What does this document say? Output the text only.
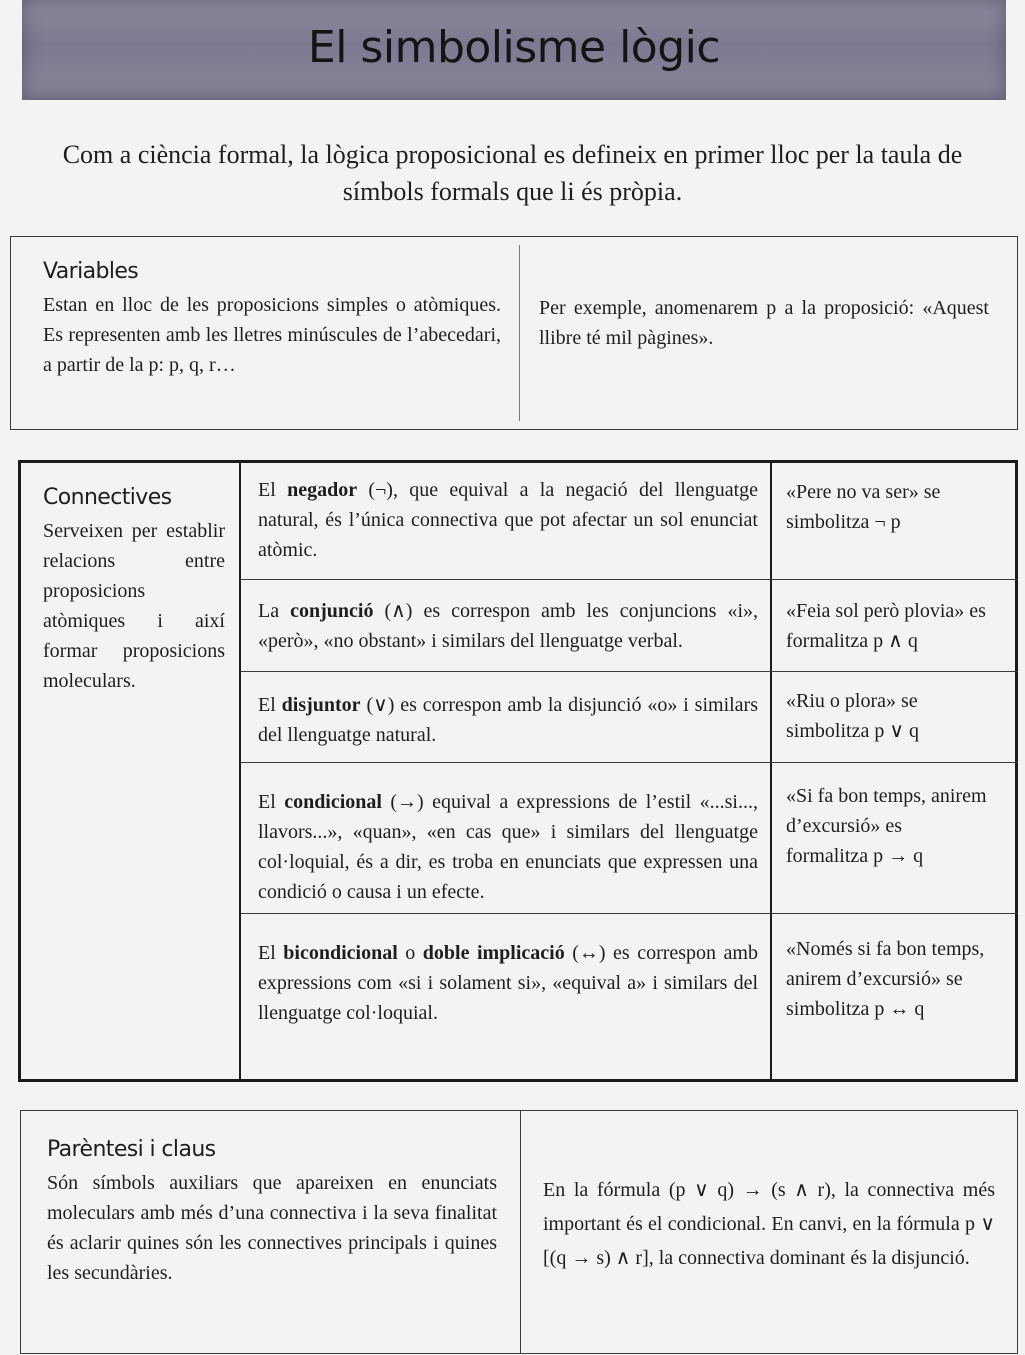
El simbolisme lògic

Com a ciència formal, la lògica proposicional es defineix en primer lloc per la taula de símbols formals que li és pròpia.

Variables
Estan en lloc de les proposicions simples o atòmiques. Es representen amb les lletres minúscules de l’abecedari, a partir de la p: p, q, r…
Per exemple, anomenarem p a la proposició: «Aquest llibre té mil pàgines».
Connectives
Serveixen per establir relacions entre proposicions atòmiques i així formar proposicions moleculars.
El negador (¬), que equival a la negació del llenguatge natural, és l’única connectiva que pot afectar un sol enunciat atòmic.
«Pere no va ser» se simbolitza ¬ p
La conjunció (∧) es correspon amb les conjuncions «i», «però», «no obstant» i similars del llenguatge verbal.
«Feia sol però plovia» es formalitza p ∧ q
El disjuntor (∨) es correspon amb la disjunció «o» i similars del llenguatge natural.
«Riu o plora» se simbolitza p ∨ q
El condicional (→) equival a expressions de l’estil «...si..., llavors...», «quan», «en cas que» i similars del llenguatge col·loquial, és a dir, es troba en enunciats que expressen una condició o causa i un efecte.
«Si fa bon temps, anirem d’excursió» es formalitza p → q
El bicondicional o doble implicació (↔) es correspon amb expressions com «si i solament si», «equival a» i similars del llenguatge col·loquial.
«Només si fa bon temps, anirem d’excursió» se simbolitza p ↔ q
Parèntesi i claus
Són símbols auxiliars que apareixen en enunciats moleculars amb més d’una connectiva i la seva finalitat és aclarir quines són les connectives principals i quines les secundàries.
En la fórmula (p ∨ q) → (s ∧ r), la connectiva més important és el condicional. En canvi, en la fórmula p ∨ [(q → s) ∧ r], la connectiva dominant és la disjunció.
